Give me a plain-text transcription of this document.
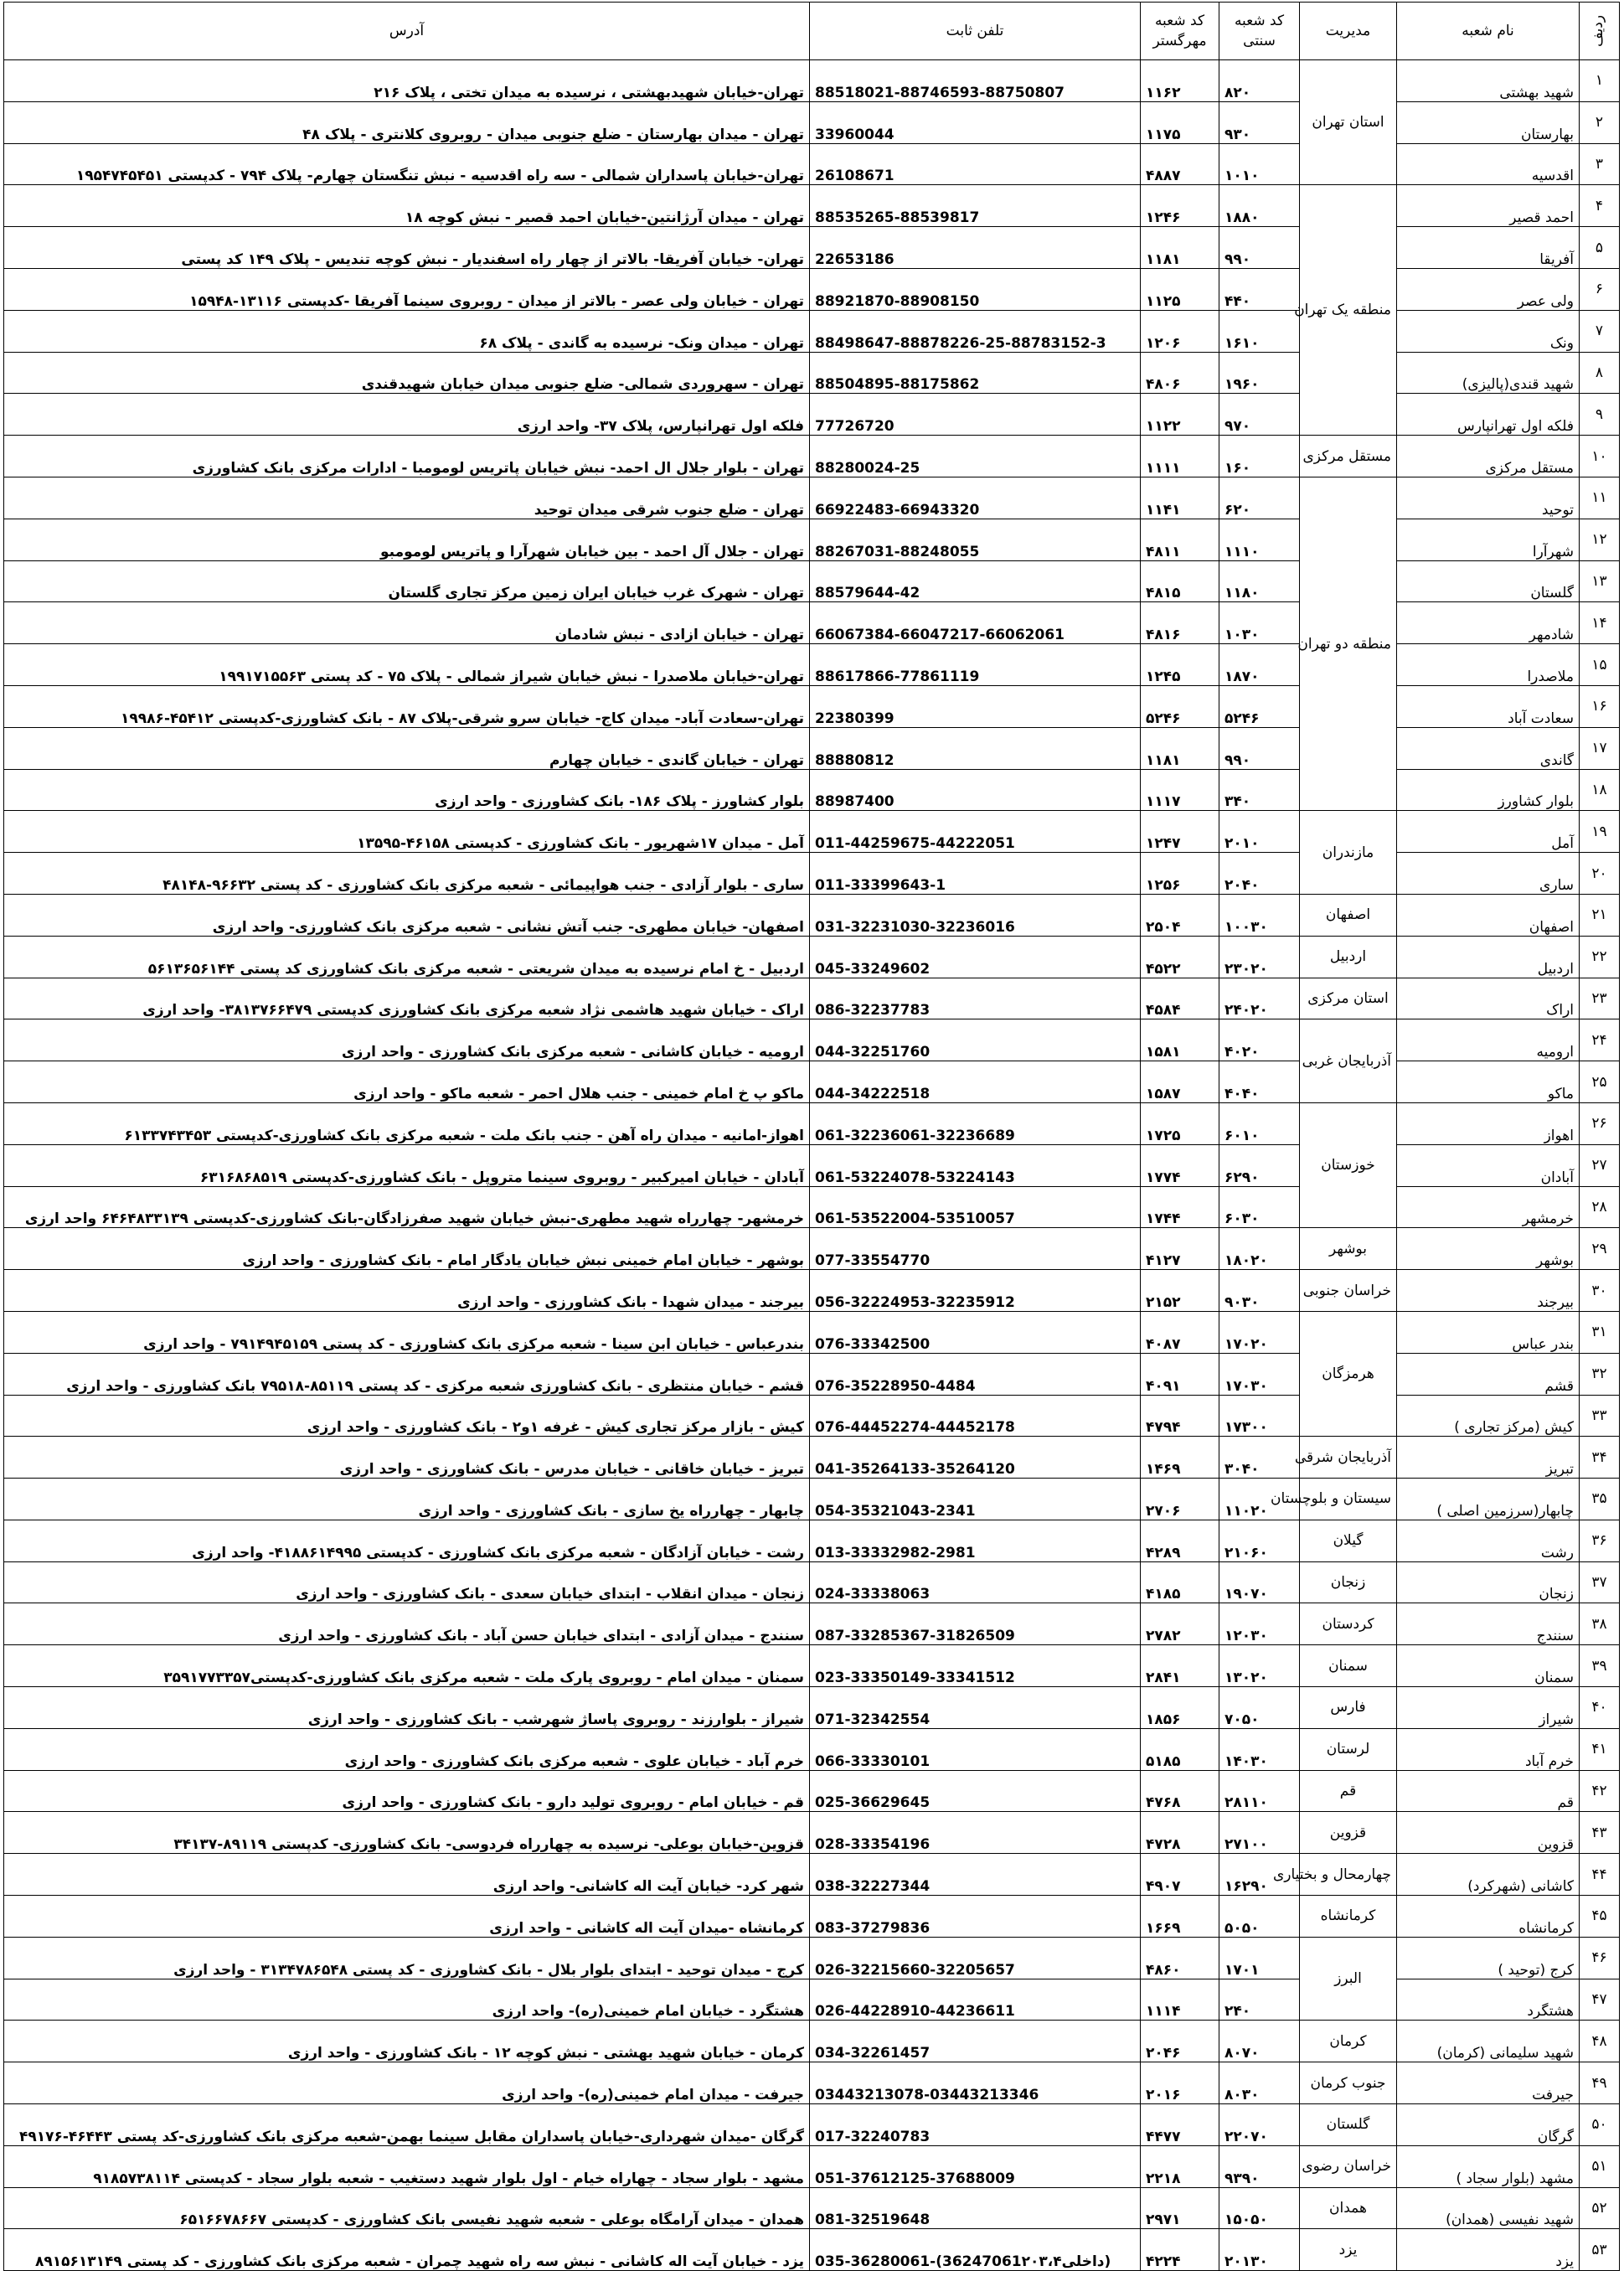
ردیف	نام شعبه	مدیریت	کد شعبه
سنتی	کد شعبه
مهرگستر	تلفن ثابت	آدرس
۱	شهید بهشتی	استان تهران	۸۲۰	۱۱۶۲	88518021-88746593-88750807	تهران-خیابان شهیدبهشتی ، نرسیده به میدان تختی ، پلاک ۲۱۶
۲	بهارستان		۹۳۰	۱۱۷۵	33960044	تهران - میدان بهارستان - ضلع جنوبی میدان - روبروی کلانتری - پلاک ۴۸
۳	اقدسیه		۱۰۱۰	۴۸۸۷	26108671	تهران-خیابان پاسداران شمالی - سه راه اقدسیه - نبش تنگستان چهارم- پلاک ۷۹۴ - کدپستی ۱۹۵۴۷۴۵۴۵۱
۴	احمد قصیر	منطقه یک تهران	۱۸۸۰	۱۲۴۶	88535265-88539817	تهران - میدان آرژانتین-خیابان احمد قصیر - نبش کوچه ۱۸
۵	آفریقا		۹۹۰	۱۱۸۱	22653186	تهران- خیابان آفریقا- بالاتر از چهار راه اسفندیار - نبش کوچه تندیس - پلاک ۱۴۹ کد پستی
۶	ولی عصر		۴۴۰	۱۱۲۵	88921870-88908150	تهران - خیابان ولی عصر - بالاتر از میدان - روبروی سینما آفریقا -کدپستی ۱۳۱۱۶-۱۵۹۴۸
۷	ونک		۱۶۱۰	۱۲۰۶	88498647-88878226-25-88783152-3	تهران - میدان ونک- نرسیده به گاندی - پلاک ۶۸
۸	شهید قندی(پالیزی)		۱۹۶۰	۴۸۰۶	88504895-88175862	تهران - سهروردی شمالی- ضلع جنوبی میدان خیابان شهیدقندی
۹	فلکه اول تهرانپارس		۹۷۰	۱۱۲۲	77726720	فلکه اول تهرانپارس، پلاک ۳۷- واحد ارزی
۱۰	مستقل مرکزی	مستقل مرکزی	۱۶۰	۱۱۱۱	88280024-25	تهران - بلوار جلال ال احمد- نبش خیابان پاتریس لومومبا - ادارات مرکزی بانک کشاورزی
۱۱	توحید	منطقه دو تهران	۶۲۰	۱۱۴۱	66922483-66943320	تهران - ضلع جنوب شرقی میدان توحید
۱۲	شهرآرا		۱۱۱۰	۴۸۱۱	88267031-88248055	تهران - جلال آل احمد - بین خیابان شهرآرا و پاتریس لومومبو
۱۳	گلستان		۱۱۸۰	۴۸۱۵	88579644-42	تهران - شهرک غرب خیابان ایران زمین مرکز تجاری گلستان
۱۴	شادمهر		۱۰۳۰	۴۸۱۶	66067384-66047217-66062061	تهران - خیابان ازادی - نبش شادمان
۱۵	ملاصدرا		۱۸۷۰	۱۲۴۵	88617866-77861119	تهران-خیابان ملاصدرا - نبش خیابان شیراز شمالی - پلاک ۷۵ - کد پستی ۱۹۹۱۷۱۵۵۶۳
۱۶	سعادت آباد		۵۲۴۶	۵۲۴۶	22380399	تهران-سعادت آباد- میدان کاج- خیابان سرو شرقی-پلاک ۸۷ - بانک کشاورزی-کدپستی ۴۵۴۱۲-۱۹۹۸۶
۱۷	گاندی		۹۹۰	۱۱۸۱	88880812	تهران - خیابان گاندی - خیابان چهارم
۱۸	بلوار کشاورز		۳۴۰	۱۱۱۷	88987400	بلوار کشاورز - پلاک ۱۸۶- بانک کشاورزی - واحد ارزی
۱۹	آمل	مازندران	۲۰۱۰	۱۲۴۷	011-44259675-44222051	آمل - میدان ۱۷شهریور - بانک کشاورزی - کدپستی ۴۶۱۵۸-۱۳۵۹۵
۲۰	ساری		۲۰۴۰	۱۲۵۶	011-33399643-1	ساری - بلوار آزادی - جنب هواپیمائی - شعبه مرکزی بانک کشاورزی - کد پستی ۹۶۶۳۲-۴۸۱۴۸
۲۱	اصفهان	اصفهان	۱۰۰۳۰	۲۵۰۴	031-32231030-32236016	اصفهان- خیابان مطهری- جنب آتش نشانی - شعبه مرکزی بانک کشاورزی- واحد ارزی
۲۲	اردبیل	اردبیل	۲۳۰۲۰	۴۵۲۲	045-33249602	اردبیل - خ امام نرسیده به میدان شریعتی - شعبه مرکزی بانک کشاورزی کد پستی ۵۶۱۳۶۵۶۱۴۴
۲۳	اراک	استان مرکزی	۲۴۰۲۰	۴۵۸۴	086-32237783	اراک - خیابان شهید هاشمی نژاد شعبه مرکزی بانک کشاورزی کدپستی ۳۸۱۳۷۶۶۴۷۹- واحد ارزی
۲۴	ارومیه	آذربایجان غربی	۴۰۲۰	۱۵۸۱	044-32251760	ارومیه - خیابان کاشانی - شعبه مرکزی بانک کشاورزی - واحد ارزی
۲۵	ماکو		۴۰۴۰	۱۵۸۷	044-34222518	ماکو پ خ امام خمینی - جنب هلال احمر - شعبه ماکو - واحد ارزی
۲۶	اهواز	خوزستان	۶۰۱۰	۱۷۲۵	061-32236061-32236689	اهواز-امانیه - میدان راه آهن - جنب بانک ملت - شعبه مرکزی بانک کشاورزی-کدپستی ۶۱۳۳۷۴۳۴۵۳
۲۷	آبادان		۶۲۹۰	۱۷۷۴	061-53224078-53224143	آبادان - خیابان امیرکبیر - روبروی سینما متروپل - بانک کشاورزی-کدپستی ۶۳۱۶۸۶۸۵۱۹
۲۸	خرمشهر		۶۰۳۰	۱۷۴۴	061-53522004-53510057	خرمشهر- چهارراه شهید مطهری-نبش خیابان شهید صفرزادگان-بانک کشاورزی-کدپستی ۶۴۶۴۸۳۳۱۳۹ واحد ارزی
۲۹	بوشهر	بوشهر	۱۸۰۲۰	۴۱۲۷	077-33554770	بوشهر - خیابان امام خمینی نبش خیابان یادگار امام - بانک کشاورزی - واحد ارزی
۳۰	بیرجند	خراسان جنوبی	۹۰۳۰	۲۱۵۲	056-32224953-32235912	بیرجند - میدان شهدا - بانک کشاورزی - واحد ارزی
۳۱	بندر عباس	هرمزگان	۱۷۰۲۰	۴۰۸۷	076-33342500	بندرعباس - خیابان ابن سینا - شعبه مرکزی بانک کشاورزی - کد پستی ۷۹۱۴۹۴۵۱۵۹ - واحد ارزی
۳۲	قشم		۱۷۰۳۰	۴۰۹۱	076-35228950-4484	قشم - خیابان منتظری - بانک کشاورزی شعبه مرکزی - کد پستی ۸۵۱۱۹-۷۹۵۱۸ بانک کشاورزی - واحد ارزی
۳۳	کیش (مرکز تجاری )		۱۷۳۰۰	۴۷۹۴	076-44452274-44452178	کیش - بازار مرکز تجاری کیش - غرفه ۱و۲ - بانک کشاورزی - واحد ارزی
۳۴	تبریز	آذربایجان شرقی	۳۰۴۰	۱۴۶۹	041-35264133-35264120	تبریز - خیابان خاقانی - خیابان مدرس - بانک کشاورزی - واحد ارزی
۳۵	چابهار(سرزمین اصلی )	سیستان و بلوچستان	۱۱۰۲۰	۲۷۰۶	054-35321043-2341	چابهار - چهارراه یخ سازی - بانک کشاورزی - واحد ارزی
۳۶	رشت	گیلان	۲۱۰۶۰	۴۲۸۹	013-33332982-2981	رشت - خیابان آزادگان - شعبه مرکزی بانک کشاورزی - کدپستی ۴۱۸۸۶۱۴۹۹۵- واحد ارزی
۳۷	زنجان	زنجان	۱۹۰۷۰	۴۱۸۵	024-33338063	زنجان - میدان انقلاب - ابتدای خیابان سعدی - بانک کشاورزی - واحد ارزی
۳۸	سنندج	کردستان	۱۲۰۳۰	۲۷۸۲	087-33285367-31826509	سنندج - میدان آزادی - ابتدای خیابان حسن آباد - بانک کشاورزی - واحد ارزی
۳۹	سمنان	سمنان	۱۳۰۲۰	۲۸۴۱	023-33350149-33341512	سمنان - میدان امام - روبروی پارک ملت - شعبه مرکزی بانک کشاورزی-کدپستی۳۵۹۱۷۷۳۳۵۷
۴۰	شیراز	فارس	۷۰۵۰	۱۸۵۶	071-32342554	شیراز - بلوارزند - روبروی پاساژ شهرشب - بانک کشاورزی - واحد ارزی
۴۱	خرم آباد	لرستان	۱۴۰۳۰	۵۱۸۵	066-33330101	خرم آباد - خیابان علوی - شعبه مرکزی بانک کشاورزی - واحد ارزی
۴۲	قم	قم	۲۸۱۱۰	۴۷۶۸	025-36629645	قم - خیابان امام - روبروی تولید دارو - بانک کشاورزی - واحد ارزی
۴۳	قزوین	قزوین	۲۷۱۰۰	۴۷۲۸	028-33354196	قزوین-خیابان بوعلی- نرسیده به چهارراه فردوسی- بانک کشاورزی- کدپستی ۸۹۱۱۹-۳۴۱۳۷
۴۴	کاشانی (شهرکرد)	چهارمحال و بختیاری	۱۶۲۹۰	۴۹۰۷	038-32227344	شهر کرد- خیابان آیت اله کاشانی- واحد ارزی
۴۵	کرمانشاه	کرمانشاه	۵۰۵۰	۱۶۶۹	083-37279836	کرمانشاه -میدان آیت اله کاشانی - واحد ارزی
۴۶	کرج (توحید )	البرز	۱۷۰۱	۴۸۶۰	026-32215660-32205657	کرج - میدان توحید - ابتدای بلوار بلال - بانک کشاورزی - کد پستی ۳۱۳۴۷۸۶۵۴۸ - واحد ارزی
۴۷	هشتگرد		۲۴۰	۱۱۱۴	026-44228910-44236611	هشتگرد - خیابان امام خمینی(ره)- واحد ارزی
۴۸	شهید سلیمانی (کرمان)	کرمان	۸۰۷۰	۲۰۴۶	034-32261457	کرمان - خیابان شهید بهشتی - نبش کوچه ۱۲ - بانک کشاورزی - واحد ارزی
۴۹	جیرفت	جنوب کرمان	۸۰۳۰	۲۰۱۶	03443213078-03443213346	جیرفت - میدان امام خمینی(ره)- واحد ارزی
۵۰	گرگان	گلستان	۲۲۰۷۰	۴۴۷۷	017-32240783	گرگان -میدان شهرداری-خیابان پاسداران مقابل سینما بهمن-شعبه مرکزی بانک کشاورزی-کد پستی ۴۶۴۴۳-۴۹۱۷۶
۵۱	مشهد (بلوار سجاد )	خراسان رضوی	۹۳۹۰	۲۲۱۸	051-37612125-37688009	مشهد - بلوار سجاد - چهاراه خیام - اول بلوار شهید دستغیب - شعبه بلوار سجاد - کدپستی ۹۱۸۵۷۳۸۱۱۴
۵۲	شهید نفیسی (همدان)	همدان	۱۵۰۵۰	۲۹۷۱	081-32519648	همدان - میدان آرامگاه بوعلی - شعبه شهید نفیسی بانک کشاورزی - کدپستی ۶۵۱۶۶۷۸۶۶۷
۵۳	یزد	یزد	۲۰۱۳۰	۴۲۲۴	035-36280061-(36247061داخلی۲۰۳،۴)	یزد - خیابان آیت اله کاشانی - نبش سه راه شهید چمران - شعبه مرکزی بانک کشاورزی - کد پستی ۸۹۱۵۶۱۳۱۴۹
